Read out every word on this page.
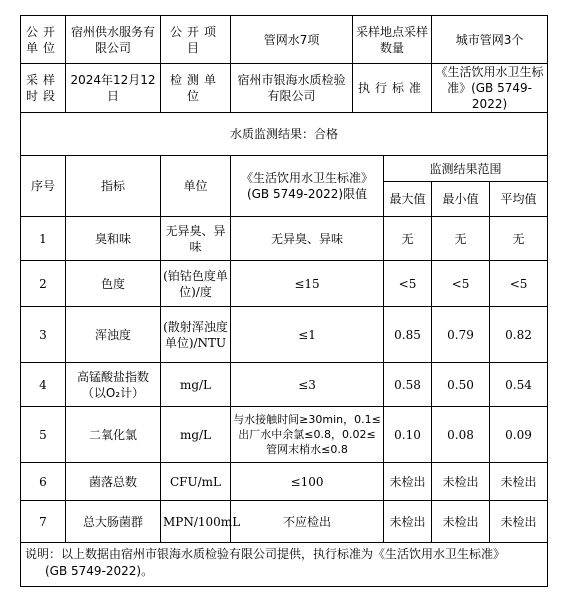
公开单位	宿州供水服务有限公司	公开项目	管网水7项	采样地点采样数量		城市管网3个	
采样时段	2024年12月12日	检测单位	宿州市银海水质检验有限公司	执行标准		《生活饮用水卫生标准》(GB 5749-2022)	
水质监测结果：合格							
序号	指标	单位	《生活饮用水卫生标准》(GB 5749-2022)限值		监测结果范围		
					最大值	最小值	平均值
1	臭和味	无异臭、异味	无异臭、异味		无	无	无
2	色度	(铂钴色度单位)/度	≤15		<5	<5	<5
3	浑浊度	(散射浑浊度单位)/NTU	≤1		0.85	0.79	0.82
4	高锰酸盐指数（以O₂计）	mg/L	≤3		0.58	0.50	0.54
5	二氧化氯	mg/L	与水接触时间≥30min，0.1≤出厂水中余氯≤0.8，0.02≤管网末梢水≤0.8		0.10	0.08	0.09
6	菌落总数	CFU/mL	≤100		未检出	未检出	未检出
7	总大肠菌群	MPN/100mL	不应检出		未检出	未检出	未检出
说明：以上数据由宿州市银海水质检验有限公司提供，执行标准为《生活饮用水卫生标准》
(GB 5749-2022)。							
